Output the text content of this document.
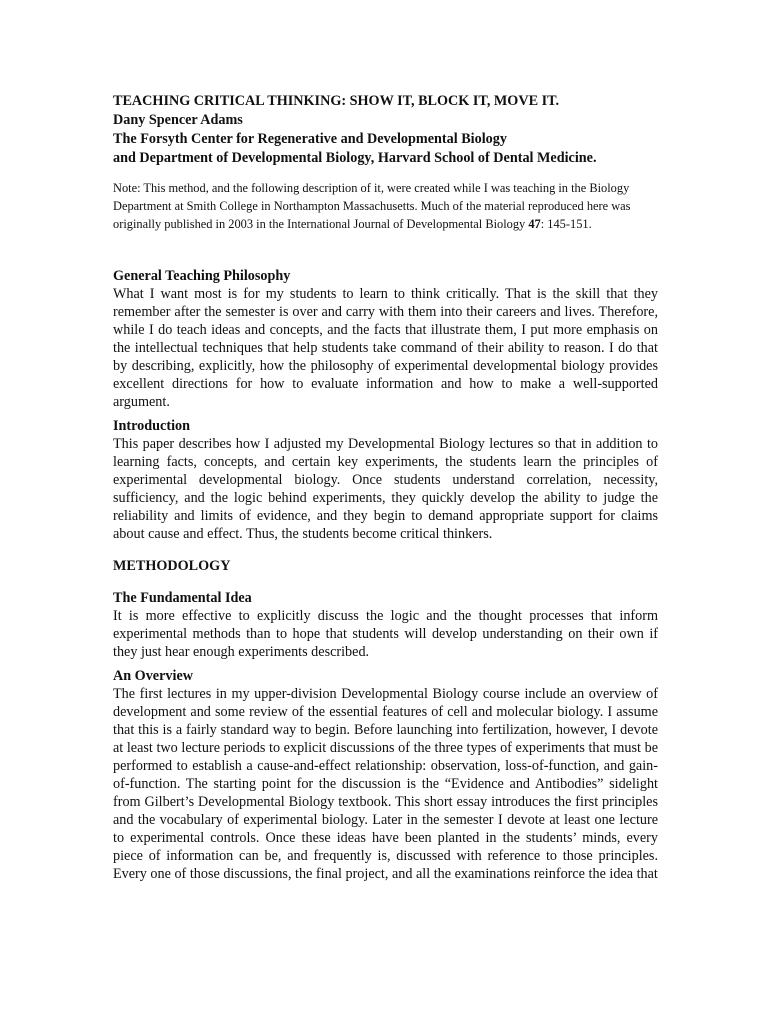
TEACHING CRITICAL THINKING: SHOW IT, BLOCK IT, MOVE IT.
Dany Spencer Adams
The Forsyth Center for Regenerative and Developmental Biology
and Department of Developmental Biology, Harvard School of Dental Medicine.
Note: This method, and the following description of it, were created while I was teaching in the Biology Department at Smith College in Northampton Massachusetts. Much of the material reproduced here was originally published in 2003 in the International Journal of Developmental Biology 47: 145-151.
General Teaching Philosophy
What I want most is for my students to learn to think critically. That is the skill that they remember after the semester is over and carry with them into their careers and lives. Therefore, while I do teach ideas and concepts, and the facts that illustrate them, I put more emphasis on the intellectual techniques that help students take command of their ability to reason. I do that by describing, explicitly, how the philosophy of experimental developmental biology provides excellent directions for how to evaluate information and how to make a well-supported argument.
Introduction
This paper describes how I adjusted my Developmental Biology lectures so that in addition to learning facts, concepts, and certain key experiments, the students learn the principles of experimental developmental biology. Once students understand correlation, necessity, sufficiency, and the logic behind experiments, they quickly develop the ability to judge the reliability and limits of evidence, and they begin to demand appropriate support for claims about cause and effect. Thus, the students become critical thinkers.
METHODOLOGY
The Fundamental Idea
It is more effective to explicitly discuss the logic and the thought processes that inform experimental methods than to hope that students will develop understanding on their own if they just hear enough experiments described.
An Overview
The first lectures in my upper-division Developmental Biology course include an overview of development and some review of the essential features of cell and molecular biology. I assume that this is a fairly standard way to begin. Before launching into fertilization, however, I devote at least two lecture periods to explicit discussions of the three types of experiments that must be performed to establish a cause-and-effect relationship: observation, loss-of-function, and gain-of-function. The starting point for the discussion is the “Evidence and Antibodies” sidelight from Gilbert’s Developmental Biology textbook. This short essay introduces the first principles and the vocabulary of experimental biology. Later in the semester I devote at least one lecture to experimental controls. Once these ideas have been planted in the students’ minds, every piece of information can be, and frequently is, discussed with reference to those principles. Every one of those discussions, the final project, and all the examinations reinforce the idea that
